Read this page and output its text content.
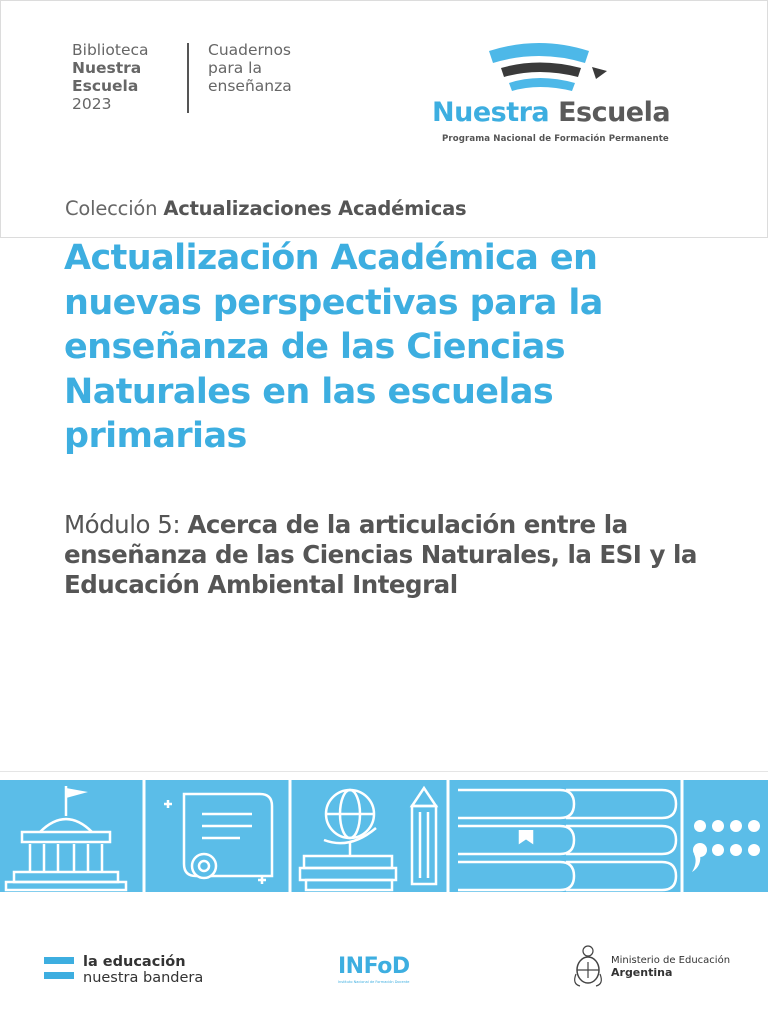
Biblioteca
Nuestra
Escuela
2023
Cuadernos
para la
enseñanza
Nuestra Escuela
Programa Nacional de Formación Permanente
Colección Actualizaciones Académicas
Actualización Académica en nuevas perspectivas para la enseñanza de las Ciencias Naturales en las escuelas primarias
Módulo 5: Acerca de la articulación entre la enseñanza de las Ciencias Naturales, la ESI y la Educación Ambiental Integral
la educación
nuestra bandera	INFoD
Instituto Nacional de Formación Docente
Ministerio de Educación
Argentina
